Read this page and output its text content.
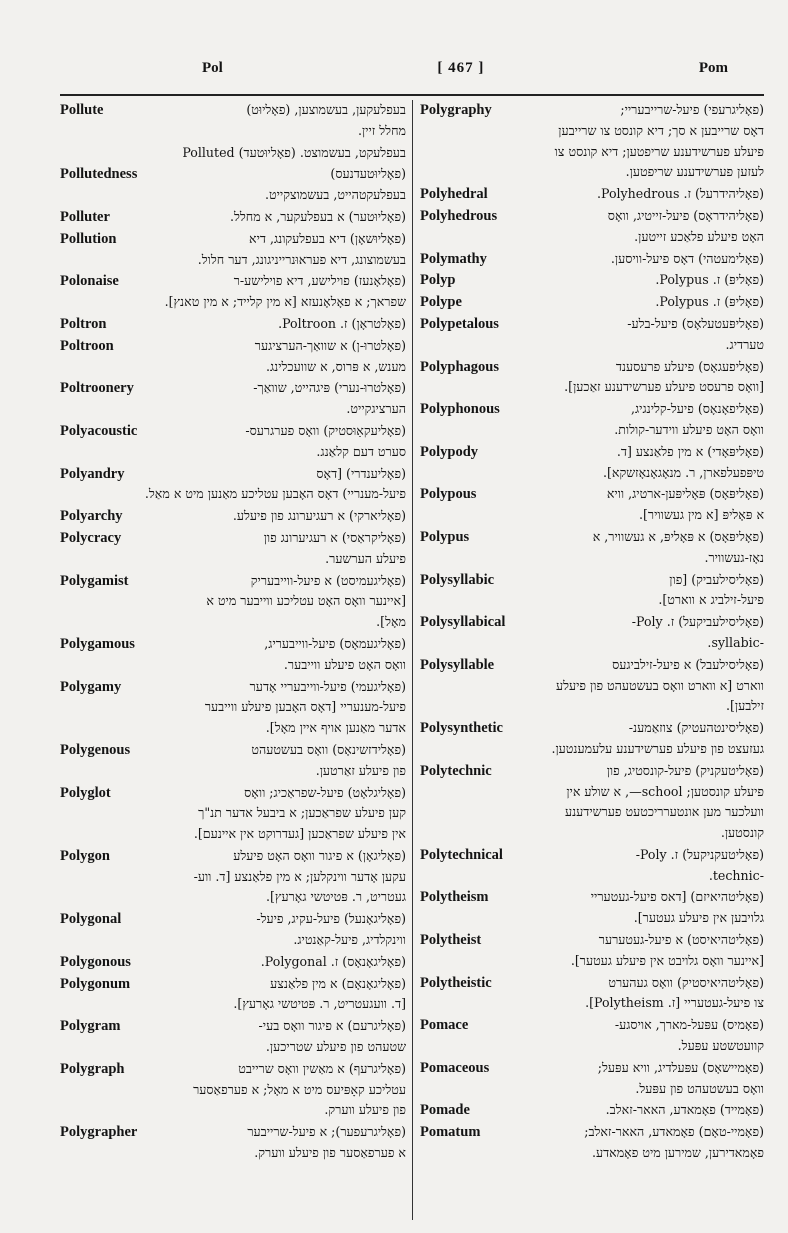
Pol	[ 467 ]	Pom
Pollute	בעפלעקען, בעשמוצען, (פאָליוּט)
מחלל זיין.
בעפלעקט, בעשמוצט. (פאָליוּטעד) Polluted
Pollutedness	(פאָליוּטעדנעס)
בעפלעקטהייט, בעשמוצקייט.
Polluter	(פאָליוּטער) א בעפלעקער, א מחלל.
Pollution	(פאָליוּשאָן) דיא בעפלעקונג, דיא
בעשמוצונג, דיא פעראוּנרייניגונג, דער חלול.
Polonaise	(פאָלאָנעז) פוילישע, דיא פוילישע-ר
שפראך; א פאָלאָנעזא [א מין קלייד; א מין טאנץ].
Poltron	(פאָלטראָן) ז. Poltroon.
Poltroon	(פאָלטרוּ-ן) א שוואַך-הערציגער
מענש, א פּרוס, א שוועכלינג.
Poltroonery	(פאָלטרוּ-נערי) פּיגהייט, שוואַך-
הערציגקייט.
Polyacoustic	(פאָליעקאַוּסטיק) וואָס פערגרעס-
סערט דעם קלאַנג.
Polyandry	(פאָליענדרי) [דאָס
פיעל-מענריי) דאָס האָבען עטליכע מאַנען מיט א מאַל.
Polyarchy	(פאָליארקי) א רעגיערונג פון פיעלע.
Polycracy	(פאָליקראַסי) א רעגיערונג פון
פיעלע הערשער.
Polygamist	(פאָליגעמיסט) א פיעל-ווייבעריק
[איינער וואָס האָט עטליכע ווייבער מיט א
מאָל].
Polygamous	(פאָליגעמאָס) פיעל-ווייבעריג,
וואָס האָט פיעלע ווייבער.
Polygamy	(פאָליגעמי) פיעל-ווייבעריי אָדער
פיעל-מענעריי [דאָס האָבען פיעלע ווייבער
אדער מאַנען אויף איין מאָל].
Polygenous	(פאָלידזשינאָס) וואָס בעשטעהט
פון פיעלע זאַרטען.
Polyglot	(פאָליגלאָט) פיעל-שפראַכיג; וואָס
קען פיעלע שפראַכען; א ביבעל אדער תנ"ך
אין פיעלע שפראַכען [געדרוקט אין איינעם].
Polygon	(פאָליגאָן) א פיגור וואָס האָט פיעלע
עקען אָדער ווינקלען; א מין פלאַנצע [ד. ווע-
געטריט, ר. פּטיטשי גאָרעץ].
Polygonal	(פאָליגאָנעל) פיעל-עקיג, פיעל-
ווינקלדיג, פיעל-קאַנטיג.
Polygonous	(פאָליגאָנאָס) ז. Polygonal.
Polygonum	(פאָליגאָנאָם) א מין פלאַנצע
[ד. וועגעטריט, ר. פּטיטשי גאָרעץ].
Polygram	(פאָליגרעם) א פיגור וואָס בעי-
שטעהט פון פיעלע שטריכען.
Polygraph	(פאָליגרעף) א מאַשין וואָס שרייבט
עטליכע קאָפּיעס מיט א מאָל; א פערפאַסער
פון פיעלע ווערק.
Polygrapher	(פאָליגרעפער); א פיעל-שרייבער
א פערפאַסער פון פיעלע ווערק.
Polygraphy	(פאָליגרעפי) פיעל-שרייבעריי;
דאָס שרייבען א סך; דיא קונסט צו שרייבען
פיעלע פערשידענע שריפטען; דיא קונסט צו
לעזען פערשידענע שריפטען.
Polyhedral	(פאָליהידרעל) ז. Polyhedrous.
Polyhedrous	(פאָליהידראָס) פיעל-זייטיג, וואָס
האָט פיעלע פלאַכע זייטען.
Polymathy	(פאָלימעטהי) דאָס פיעל-וויסען.
Polyp	(פאָליפּ) ז. Polypus.
Polype	(פאָליפּ) ז. Polypus.
Polypetalous	(פאָליפּעטעלאָס) פיעל-בלע-
טערדיג.
Polyphagous	(פאָליפעגאָס) פיעלע פרעסענד
[וואָס פרעסט פיעלע פערשידענע זאַכען].
Polyphonous	(פאָליפאָנאָס) פיעל-קלינגיג,
וואָס האָט פיעלע ווידער-קולות.
Polypody	(פאָליפּאָדי) א מין פלאַנצע [ד.
טיפּפעלפארן, ר. מנאָגאָנאָזשקא].
Polypous	(פאָליפּאָס) פּאָליפּען-ארטיג, וויא
א פּאָליפּ [א מין געשוויר].
Polypus	(פאָליפּאָס) א פּאָליפּ, א געשוויר, א
נאָז-געשוויר.
Polysyllabic	(פאָליסילעביק) [פון
פיעל-זילביג א ווארט].
Polysyllabical	(פאָליסילעביקעל) ז. Poly-
-syllabic.
Polysyllable	(פאָליסילעבל) א פיעל-זילביגעס
ווארט [א ווארט וואָס בעשטעהט פון פיעלע
זילבען].
Polysynthetic	(פאָליסינטהעטיק) צוזאַמענ-
געזעצט פון פיעלע פערשידענע עלעמענטען.
Polytechnic	(פאָליטעקניק) פיעל-קונסטיג, פון
פיעלע קונסטען; school—, א שולע אין
וועלכער מען אונטערריכטעט פערשידענע
קונסטען.
Polytechnical	(פאָליטעקניקעל) ז. Poly-
-technic.
Polytheism	(פאָליטהיאיזם) [דאס פיעל-געטעריי
גלויבען אין פיעלע געטער].
Polytheist	(פאָליטהיאיסט) א פיעל-געטערער
[איינער וואָס גלויבט אין פיעלע געטער].
Polytheistic	(פאָליטהיאיסטיק) וואָס געהערט
צו פיעל-געטעריי [ז. Polytheism].
Pomace	(פאָמיס) עפּעל-מארך, אויסגע-
קוועטשטע עפּעל.
Pomaceous	(פאָמיישאָס) עפּעלדיג, וויא עפּעל;
וואָס בעשטעהט פון עפּעל.
Pomade	(פאָמייד) פאָמאדע, האאר-זאלב.
Pomatum	(פאָמיי-טאָם) פאָמאדע, האאר-זאלב;
פאָמאדירען, שמירען מיט פאָמאדע.
